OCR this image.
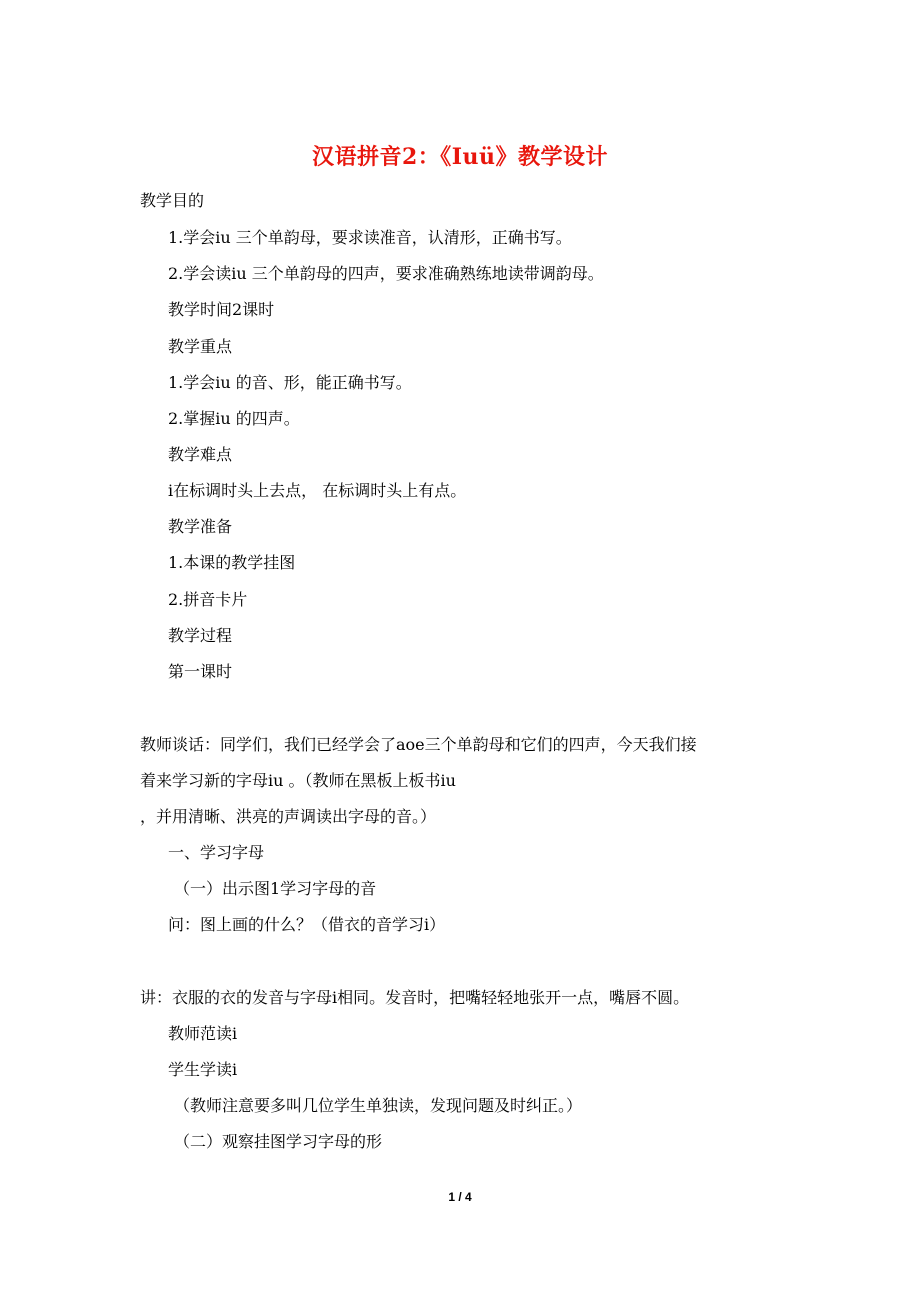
汉语拼音2：《Iuü》教学设计
教学目的
1.学会iu 三个单韵母，要求读准音，认清形，正确书写。
2.学会读iu 三个单韵母的四声，要求准确熟练地读带调韵母。
教学时间2课时
教学重点
1.学会iu 的音、形，能正确书写。
2.掌握iu 的四声。
教学难点
i在标调时头上去点， 在标调时头上有点。
教学准备
1.本课的教学挂图
2.拼音卡片
教学过程
第一课时
教师谈话：同学们，我们已经学会了aoe三个单韵母和它们的四声，今天我们接
着来学习新的字母iu 。（教师在黑板上板书iu
，并用清晰、洪亮的声调读出字母的音。）
一、学习字母
（一）出示图1学习字母的音
问：图上画的什么？（借衣的音学习i）
讲：衣服的衣的发音与字母i相同。发音时，把嘴轻轻地张开一点，嘴唇不圆。
教师范读i
学生学读i
（教师注意要多叫几位学生单独读，发现问题及时纠正。）
（二）观察挂图学习字母的形
1 / 4
